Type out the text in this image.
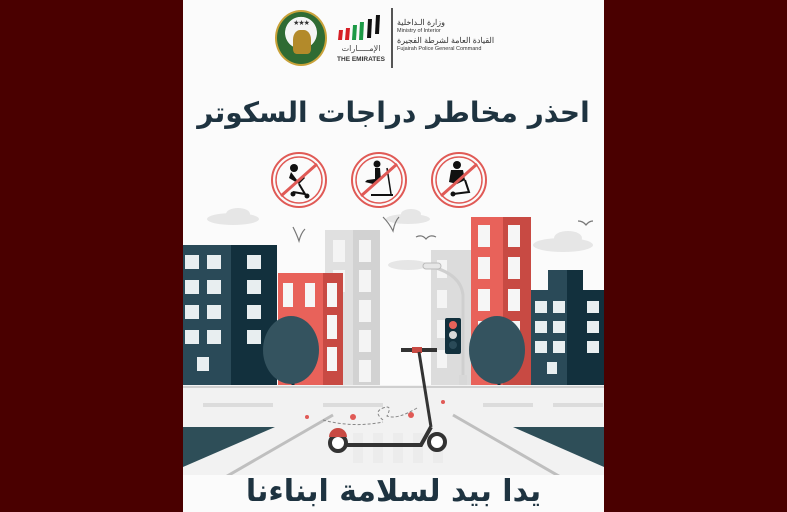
★★★
الإمـــــارات
THE EMIRATES
وزارة الـداخلية
Ministry of Interior
القيادة العامة لشرطة الفجيرة
Fujairah Police General Command
احذر مخاطر دراجات السكوتر
يدا بيد لسلامة ابناءنا
